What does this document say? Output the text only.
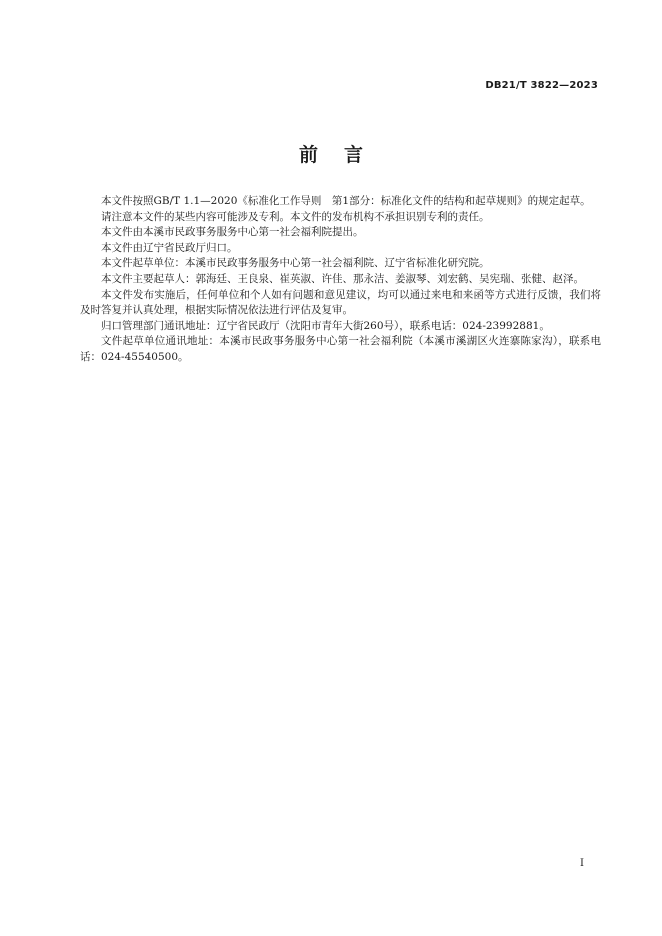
DB21/T 3822—2023
前言

本文件按照GB/T 1.1—2020《标准化工作导则　第1部分：标准化文件的结构和起草规则》的规定起草。

请注意本文件的某些内容可能涉及专利。本文件的发布机构不承担识别专利的责任。

本文件由本溪市民政事务服务中心第一社会福利院提出。

本文件由辽宁省民政厅归口。

本文件起草单位：本溪市民政事务服务中心第一社会福利院、辽宁省标准化研究院。

本文件主要起草人：郭海廷、王良泉、崔英淑、许佳、那永洁、姜淑琴、刘宏鹤、吴宪瑞、张健、赵泽。

本文件发布实施后，任何单位和个人如有问题和意见建议，均可以通过来电和来函等方式进行反馈，我们将及时答复并认真处理，根据实际情况依法进行评估及复审。

归口管理部门通讯地址：辽宁省民政厅（沈阳市青年大街260号），联系电话：024-23992881。

文件起草单位通讯地址：本溪市民政事务服务中心第一社会福利院（本溪市溪湖区火连寨陈家沟），联系电话：024-45540500。

I
